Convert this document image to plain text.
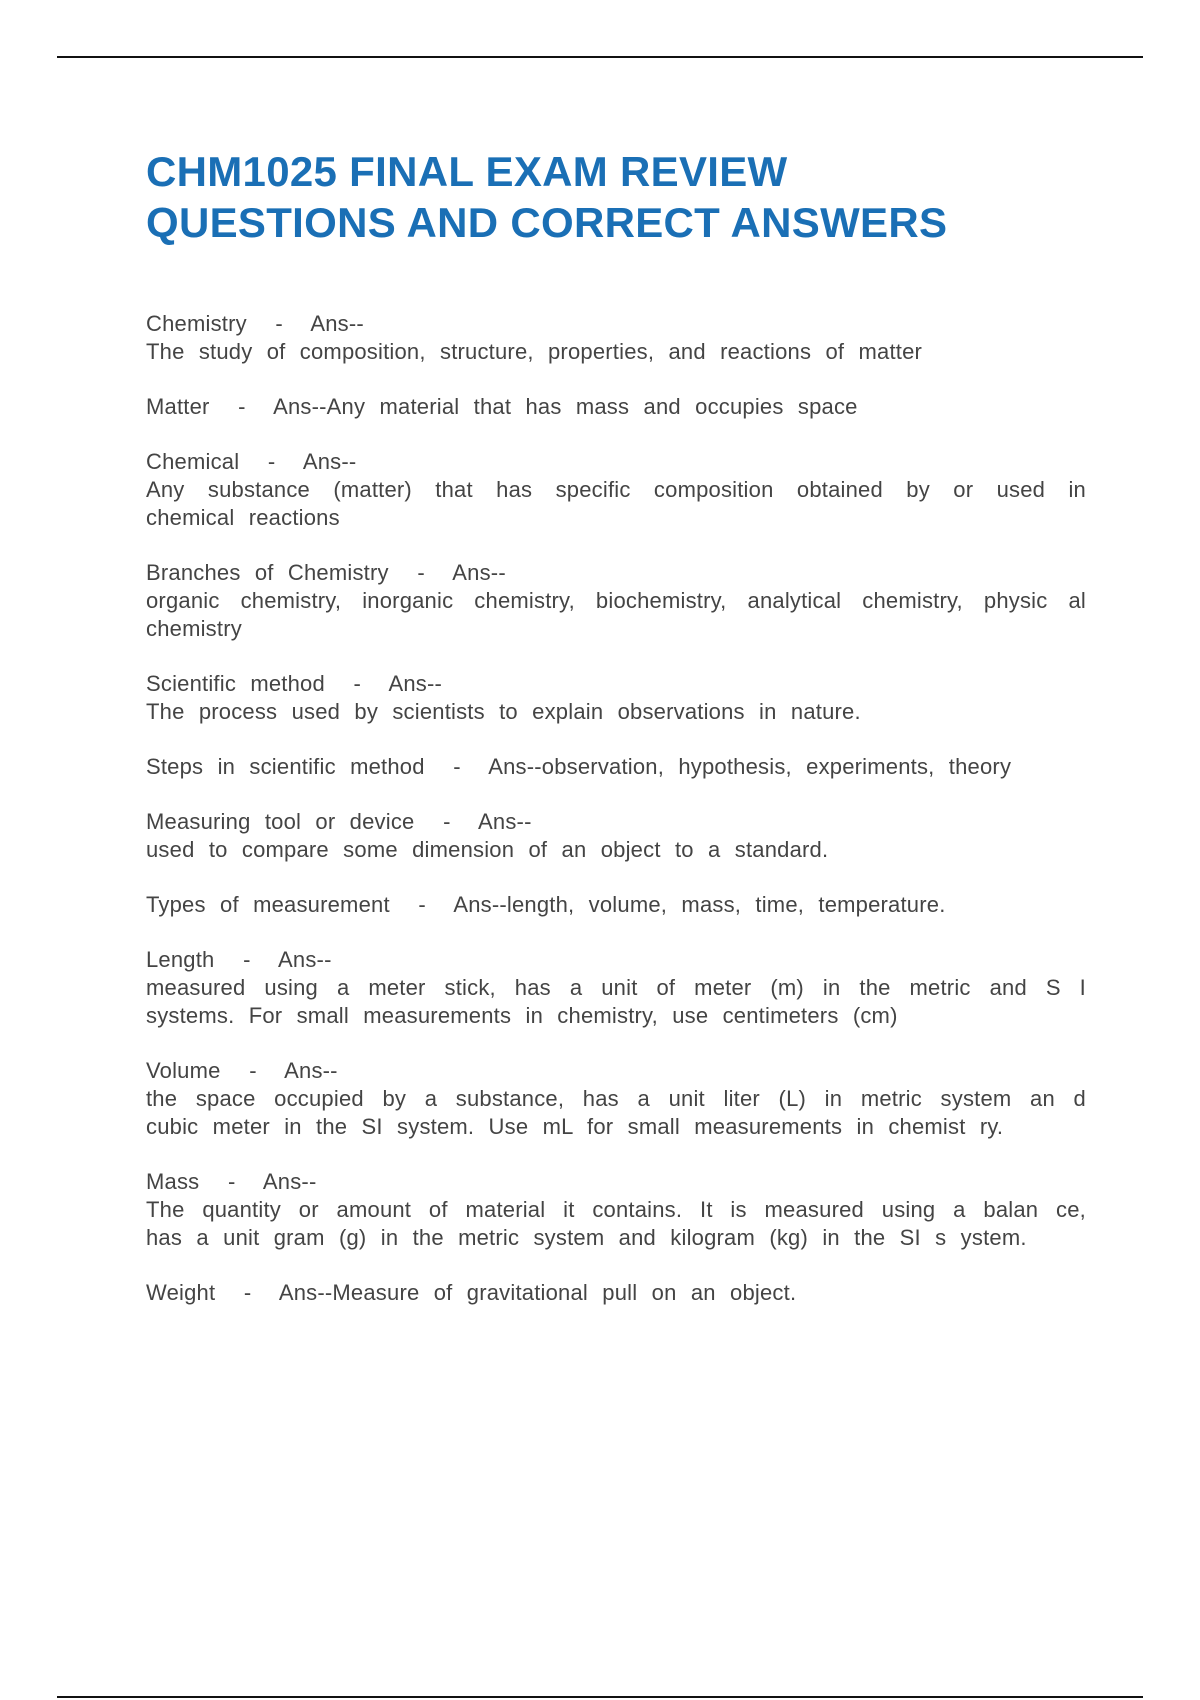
CHM1025 FINAL EXAM REVIEW
QUESTIONS AND CORRECT ANSWERS
Chemistry  -  Ans--
The study of composition, structure, properties, and reactions of matter
Matter  -  Ans--Any material that has mass and occupies space
Chemical  -  Ans--
Any substance (matter) that has specific composition obtained by or used in  chemical reactions
Branches of Chemistry  -  Ans--
organic chemistry, inorganic chemistry, biochemistry, analytical chemistry, physic al chemistry
Scientific method  -  Ans--
The process used by scientists to explain observations in nature.
Steps in scientific method  -  Ans--observation, hypothesis, experiments, theory
Measuring tool or device  -  Ans--
used to compare some dimension of an object to a standard.
Types of measurement  -  Ans--length, volume, mass, time, temperature.
Length  -  Ans--
measured using a meter stick, has a unit of meter (m) in the metric and S I systems. For small measurements in chemistry, use centimeters (cm)
Volume  -  Ans--
the space occupied by a substance, has a unit liter (L) in metric system an d cubic meter in the SI system. Use mL for small measurements in chemist ry.
Mass  -  Ans--
The quantity or amount of material it contains. It is measured using a balan ce, has a unit gram (g) in the metric system and kilogram (kg) in the SI s ystem.
Weight  -  Ans--Measure of gravitational pull on an object.
